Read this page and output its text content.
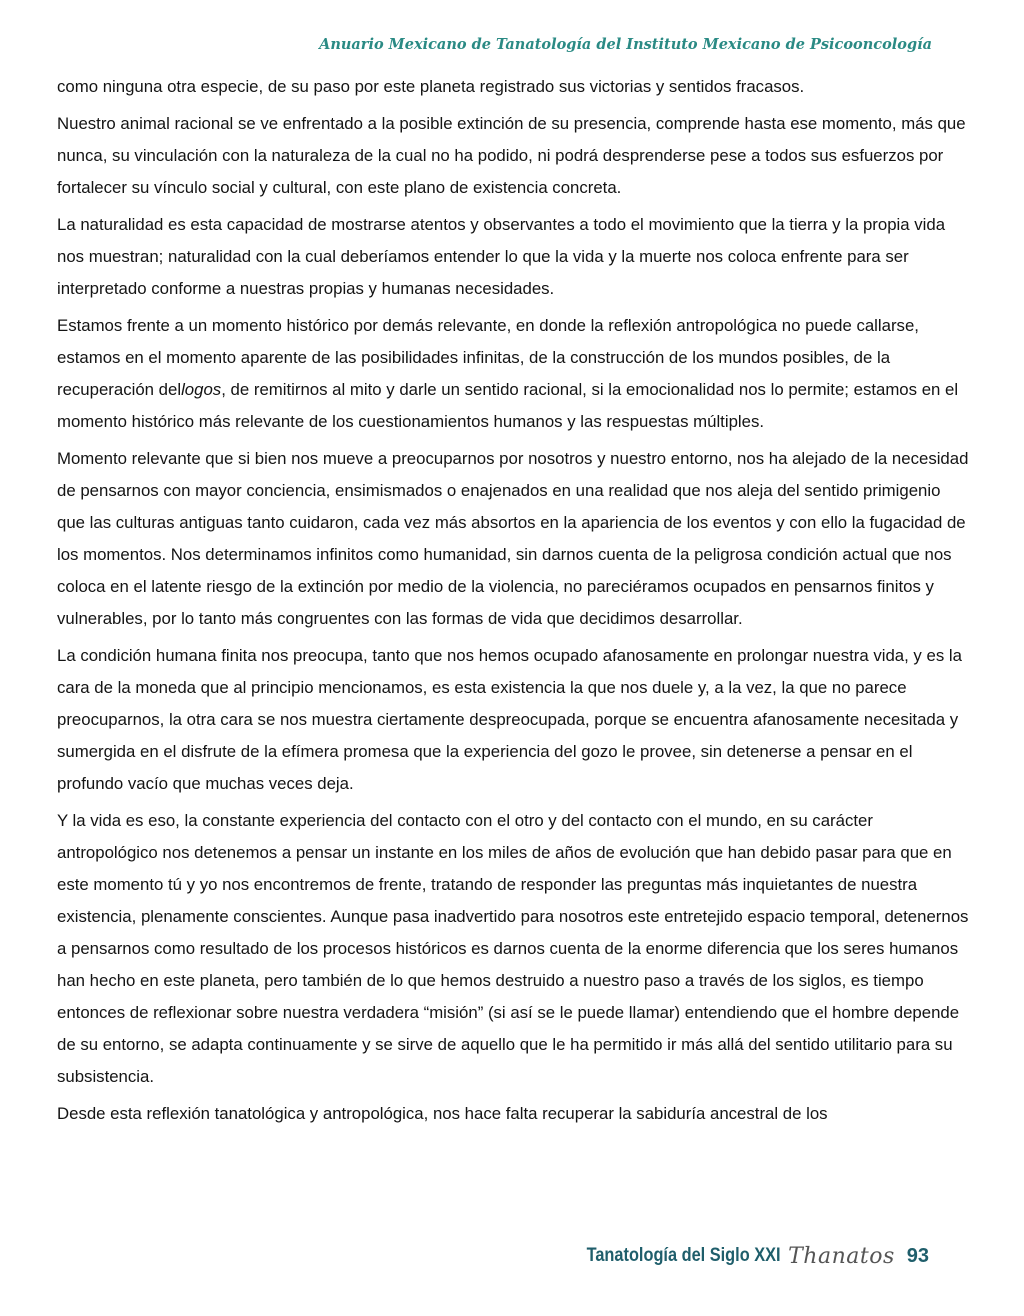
Anuario Mexicano de Tanatología del Instituto Mexicano de Psicooncología

como ninguna otra especie, de su paso por este planeta registrado sus victorias y sentidos fracasos.

Nuestro animal racional se ve enfrentado a la posible extinción de su presencia, comprende hasta ese momento, más que nunca, su vinculación con la naturaleza de la cual no ha podido, ni podrá desprenderse pese a todos sus esfuerzos por fortalecer su vínculo social y cultural, con este plano de existencia concreta.

La naturalidad es esta capacidad de mostrarse atentos y observantes a todo el movimiento que la tierra y la propia vida nos muestran; naturalidad con la cual deberíamos entender lo que la vida y la muerte nos coloca enfrente para ser interpretado conforme a nuestras propias y humanas necesidades.

Estamos frente a un momento histórico por demás relevante, en donde la reflexión antropológica no puede callarse, estamos en el momento aparente de las posibilidades infinitas, de la construcción de los mundos posibles, de la recuperación dellogos, de remitirnos al mito y darle un sentido racional, si la emocionalidad nos lo permite; estamos en el momento histórico más relevante de los cuestionamientos humanos y las respuestas múltiples.

Momento relevante que si bien nos mueve a preocuparnos por nosotros y nuestro entorno, nos ha alejado de la necesidad de pensarnos con mayor conciencia, ensimismados o enajenados en una realidad que nos aleja del sentido primigenio que las culturas antiguas tanto cuidaron, cada vez más absortos en la apariencia de los eventos y con ello la fugacidad de los momentos. Nos determinamos infinitos como humanidad, sin darnos cuenta de la peligrosa condición actual que nos coloca en el latente riesgo de la extinción por medio de la violencia, no pareciéramos ocupados en pensarnos finitos y vulnerables, por lo tanto más congruentes con las formas de vida que decidimos desarrollar.

La condición humana finita nos preocupa, tanto que nos hemos ocupado afanosamente en prolongar nuestra vida, y es la cara de la moneda que al principio mencionamos, es esta existencia la que nos duele y, a la vez, la que no parece preocuparnos, la otra cara se nos muestra ciertamente despreocupada, porque se encuentra afanosamente necesitada y sumergida en el disfrute de la efímera promesa que la experiencia del gozo le provee, sin detenerse a pensar en el profundo vacío que muchas veces deja.

Y la vida es eso, la constante experiencia del contacto con el otro y del contacto con el mundo, en su carácter antropológico nos detenemos a pensar un instante en los miles de años de evolución que han debido pasar para que en este momento tú y yo nos encontremos de frente, tratando de responder las preguntas más inquietantes de nuestra existencia, plenamente conscientes. Aunque pasa inadvertido para nosotros este entretejido espacio temporal, detenernos a pensarnos como resultado de los procesos históricos es darnos cuenta de la enorme diferencia que los seres humanos han hecho en este planeta, pero también de lo que hemos destruido a nuestro paso a través de los siglos, es tiempo entonces de reflexionar sobre nuestra verdadera “misión” (si así se le puede llamar) entendiendo que el hombre depende de su entorno, se adapta continuamente y se sirve de aquello que le ha permitido ir más allá del sentido utilitario para su subsistencia.

Desde esta reflexión tanatológica y antropológica, nos hace falta recuperar la sabiduría ancestral de los

Tanatología del Siglo XXI Thanatos 93
